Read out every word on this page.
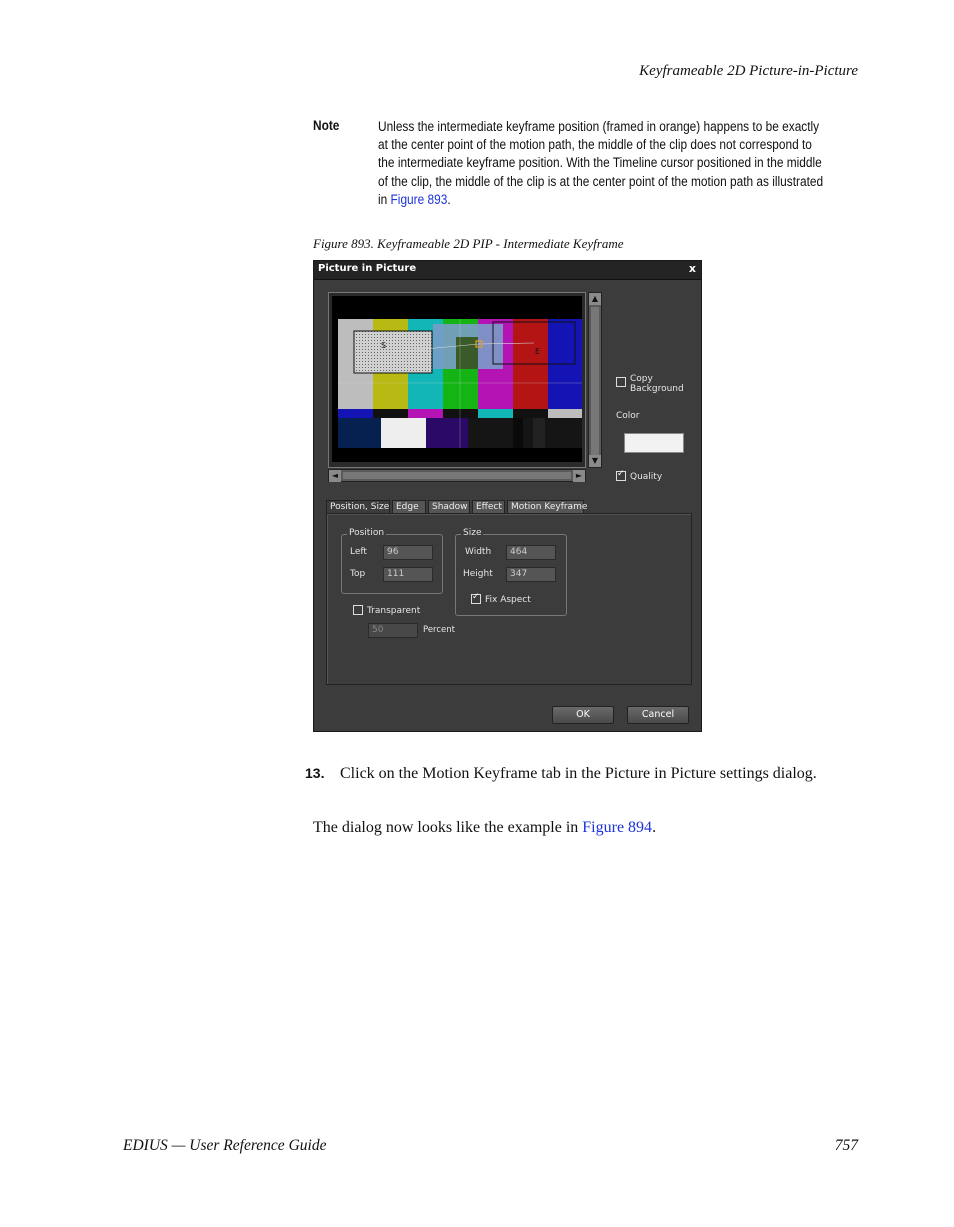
Keyframeable 2D Picture-in-Picture
Note	Unless the intermediate keyframe position (framed in orange) happens to be exactly at the center point of the motion path, the middle of the clip does not correspond to the intermediate keyframe position. With the Timeline cursor positioned in the middle of the clip, the middle of the clip is at the center point of the motion path as illustrated in Figure 893.
Figure 893. Keyframeable 2D PIP - Intermediate Keyframe
Picture in Picture	x
S
E
▲
▼
◄	►
Copy Background
Color
✓ Quality
Position, Size Edge	Shadow Effect	Motion Keyframe
Position
Left	96
Top	111
Size
Width	464
Height	347
✓ Fix Aspect
Transparent
50	Percent
OK	Cancel
13. Click on the Motion Keyframe tab in the Picture in Picture settings dialog.
The dialog now looks like the example in Figure 894.
EDIUS — User Reference Guide	757
